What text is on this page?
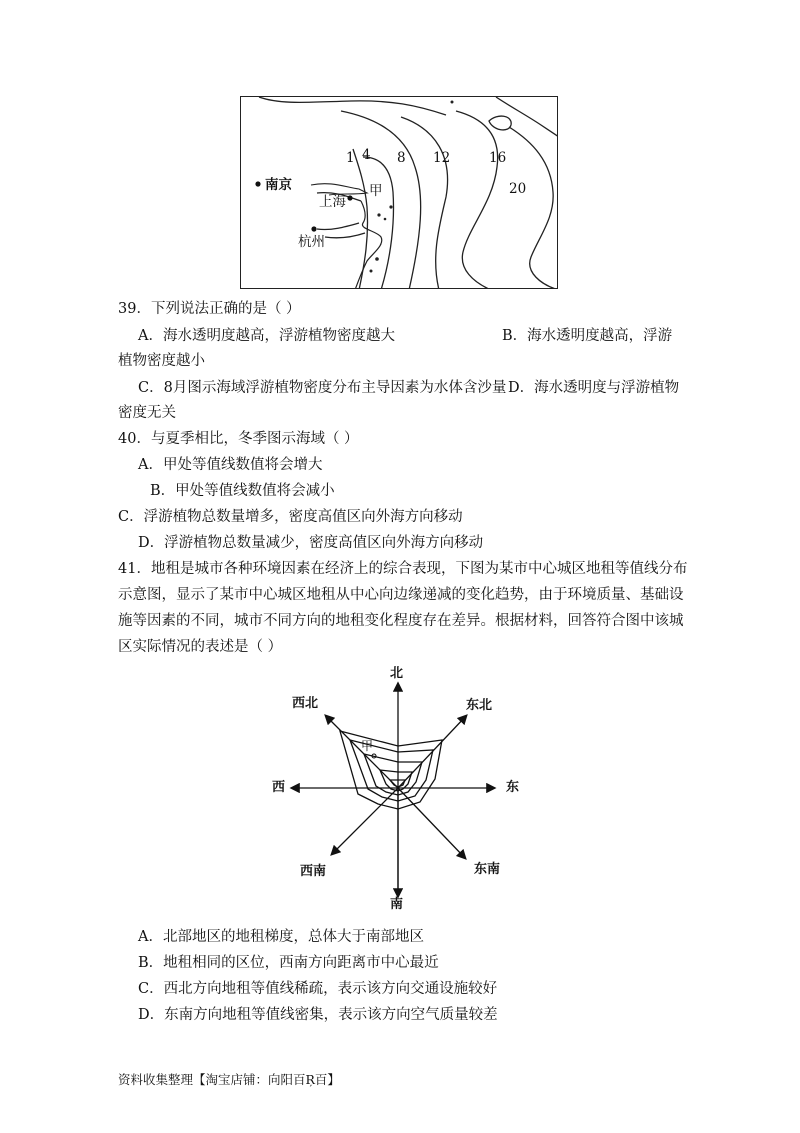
1 4 8 12	16
20
南京
上海
杭州
甲
39．下列说法正确的是（ ）
A．海水透明度越高，浮游植物密度越大	B．海水透明度越高，浮游
植物密度越小
C．8月图示海域浮游植物密度分布主导因素为水体含沙量 D．海水透明度与浮游植物
密度无关
40．与夏季相比，冬季图示海域（ ）
A．甲处等值线数值将会增大
B．甲处等值线数值将会减小
C．浮游植物总数量增多，密度高值区向外海方向移动
D．浮游植物总数量减少，密度高值区向外海方向移动
41．地租是城市各种环境因素在经济上的综合表现，下图为某市中心城区地租等值线分布
示意图，显示了某市中心城区地租从中心向边缘递减的变化趋势，由于环境质量、基础设
施等因素的不同，城市不同方向的地租变化程度存在差异。根据材料，回答符合图中该城
区实际情况的表述是（ ）
北
南
东
西
东北
西北
东南
西南
甲
A．北部地区的地租梯度，总体大于南部地区
B．地租相同的区位，西南方向距离市中心最近
C．西北方向地租等值线稀疏，表示该方向交通设施较好
D．东南方向地租等值线密集，表示该方向空气质量较差
资料收集整理【淘宝店铺：向阳百Ŗ百】
